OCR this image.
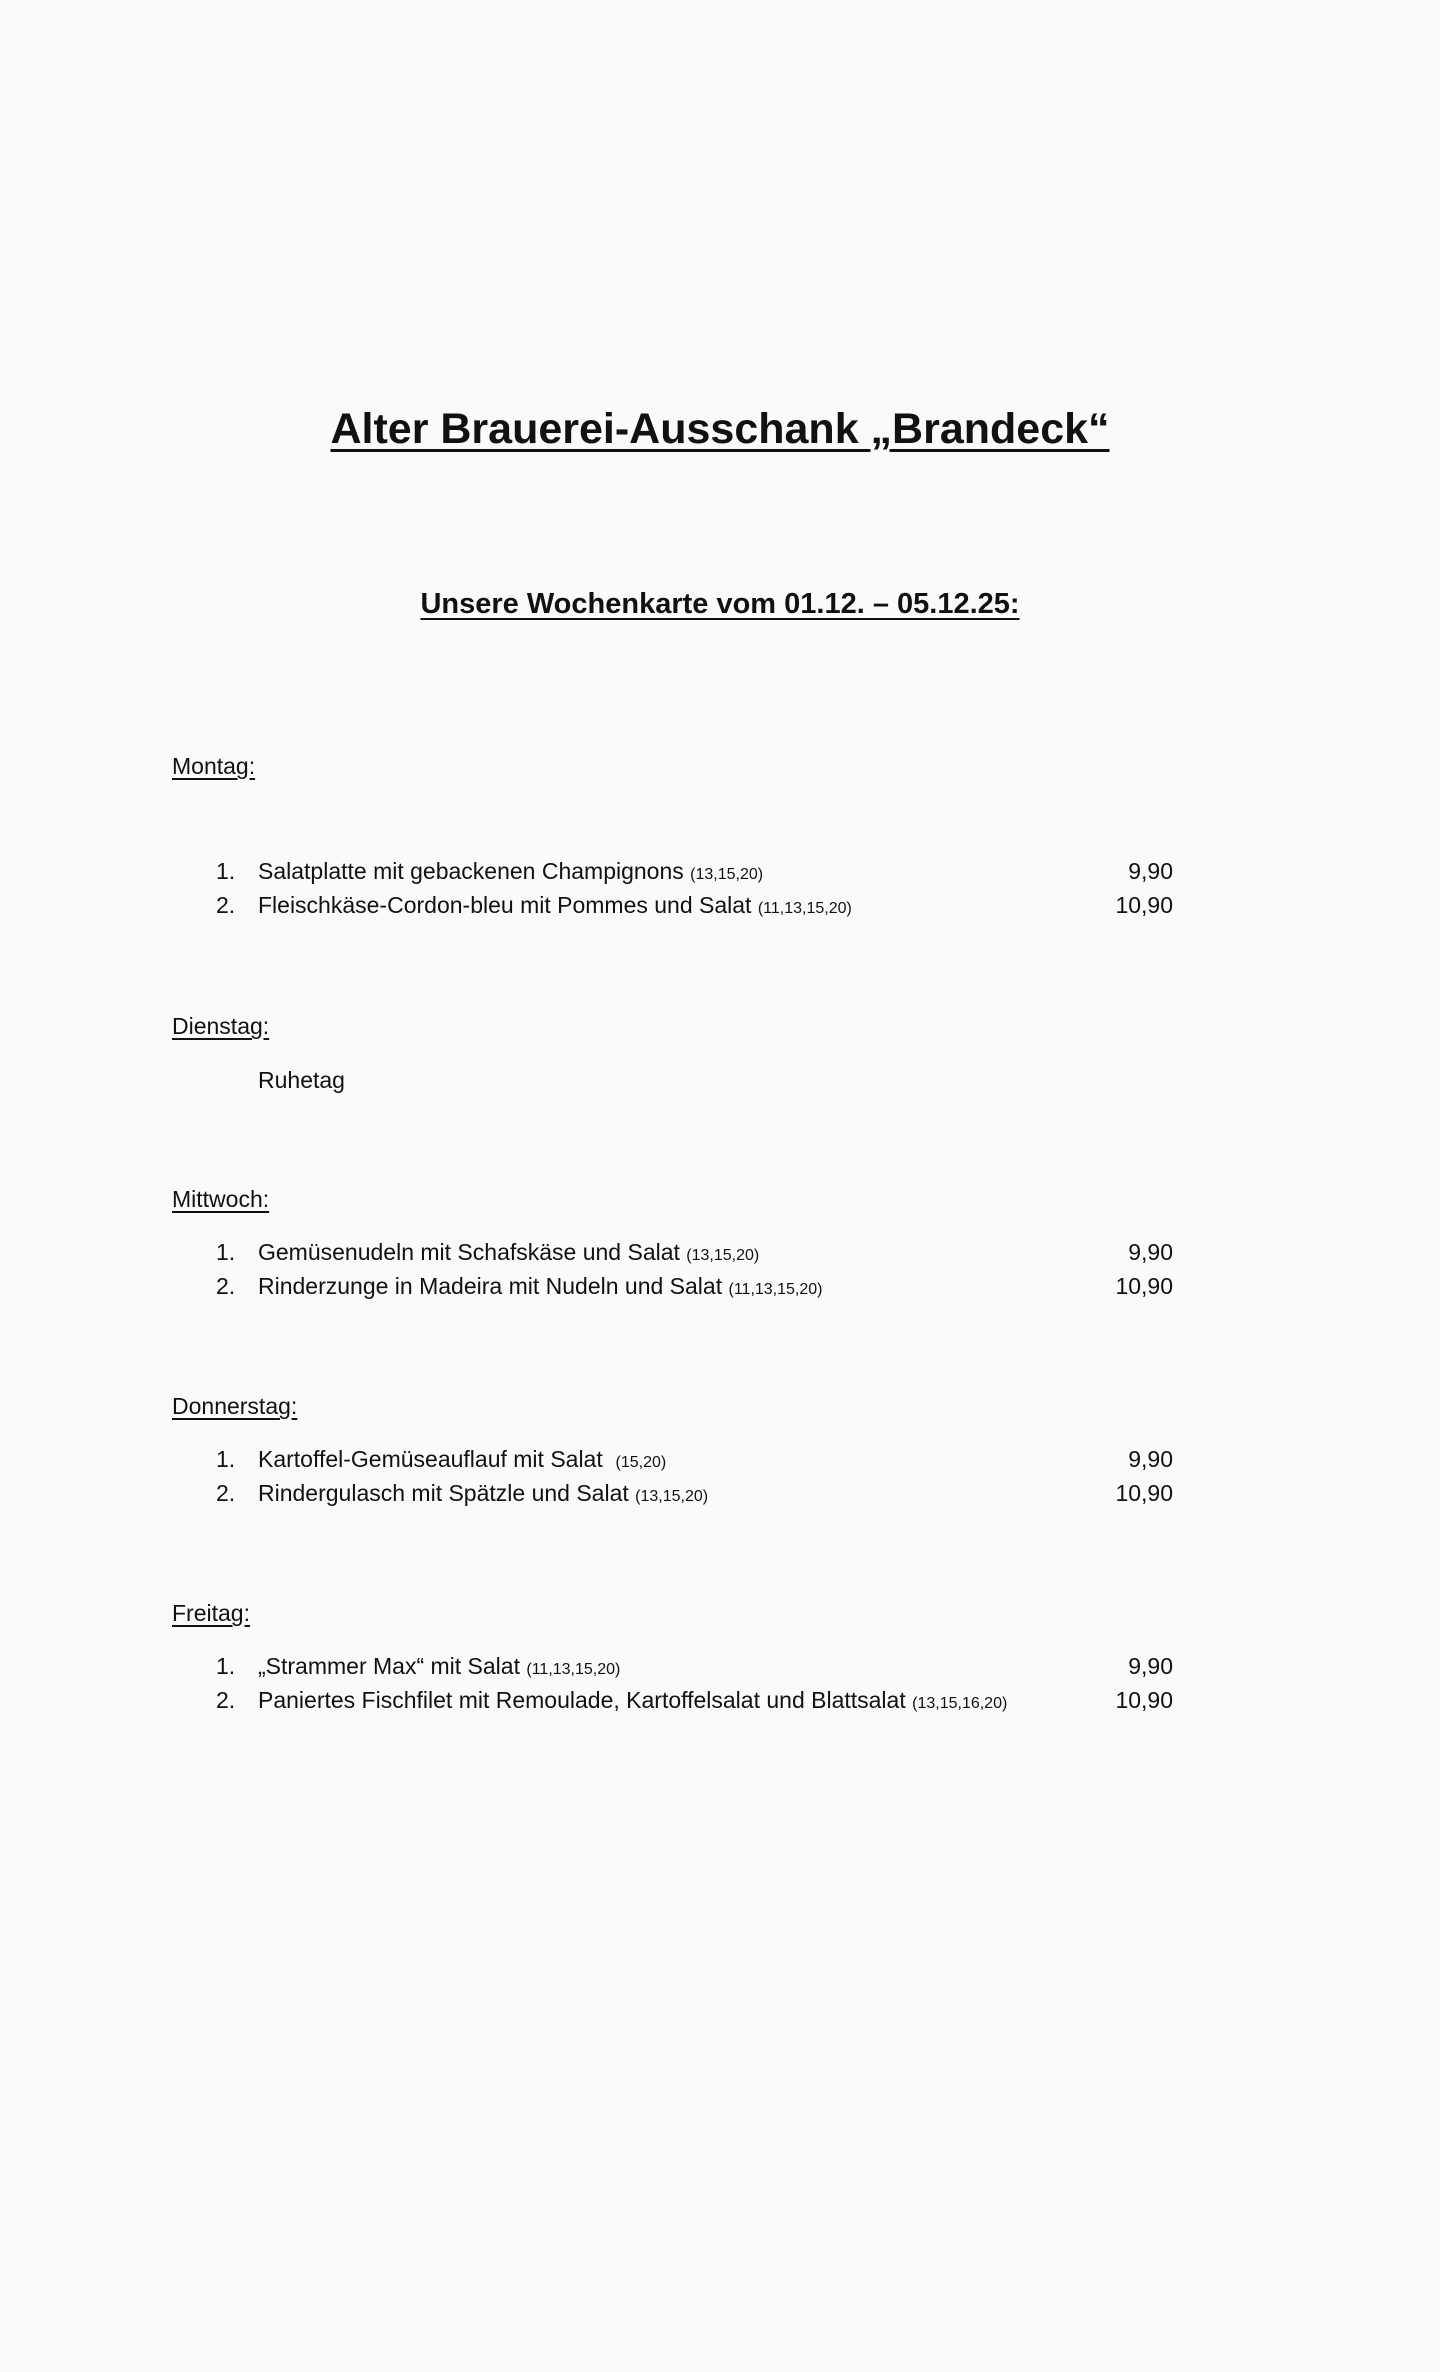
Alter Brauerei-Ausschank „Brandeck“
Unsere Wochenkarte vom 01.12. – 05.12.25:

Montag:

1. Salatplatte mit gebackenen Champignons (13,15,20)	9,90
2. Fleischkäse-Cordon-bleu mit Pommes und Salat (11,13,15,20)	10,90

Dienstag:

Ruhetag

Mittwoch:

1. Gemüsenudeln mit Schafskäse und Salat (13,15,20)	9,90
2. Rinderzunge in Madeira mit Nudeln und Salat (11,13,15,20)	10,90

Donnerstag:

1. Kartoffel-Gemüseauflauf mit Salat (15,20)	9,90
2. Rindergulasch mit Spätzle und Salat (13,15,20)	10,90

Freitag:

1. „Strammer Max“ mit Salat (11,13,15,20)	9,90
2. Paniertes Fischfilet mit Remoulade, Kartoffelsalat und Blattsalat (13,15,16,20)	10,90
